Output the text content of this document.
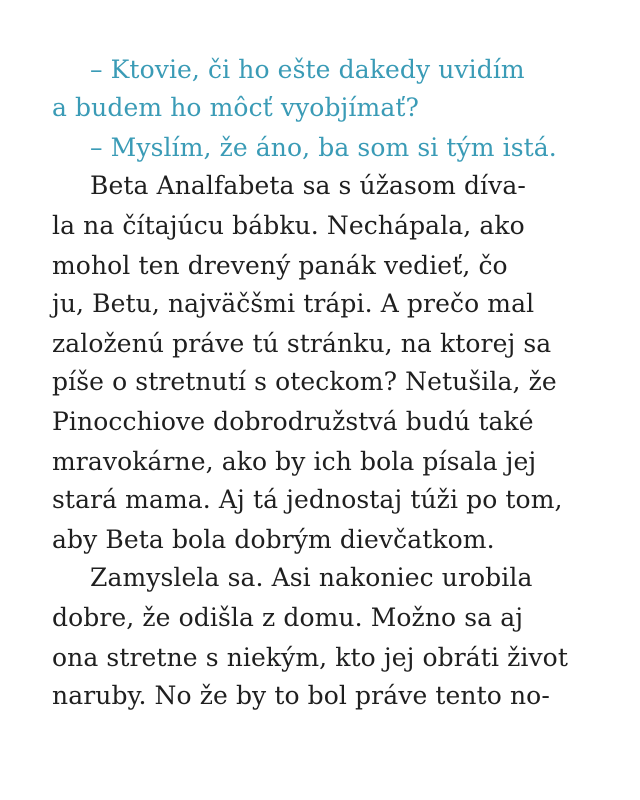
– Ktovie, či ho ešte dakedy uvidím
a budem ho môcť vyobjímať?
– Myslím, že áno, ba som si tým istá.
Beta Analfabeta sa s úžasom díva-
la na čítajúcu bábku. Nechápala, ako
mohol ten drevený panák vedieť, čo
ju, Betu, najväčšmi trápi. A prečo mal
založenú práve tú stránku, na ktorej sa
píše o stretnutí s oteckom? Netušila, že
Pinocchiove dobrodružstvá budú také
mravokárne, ako by ich bola písala jej
stará mama. Aj tá jednostaj túži po tom,
aby Beta bola dobrým dievčatkom.
Zamyslela sa. Asi nakoniec urobila
dobre, že odišla z domu. Možno sa aj
ona stretne s niekým, kto jej obráti život
naruby. No že by to bol práve tento no-
